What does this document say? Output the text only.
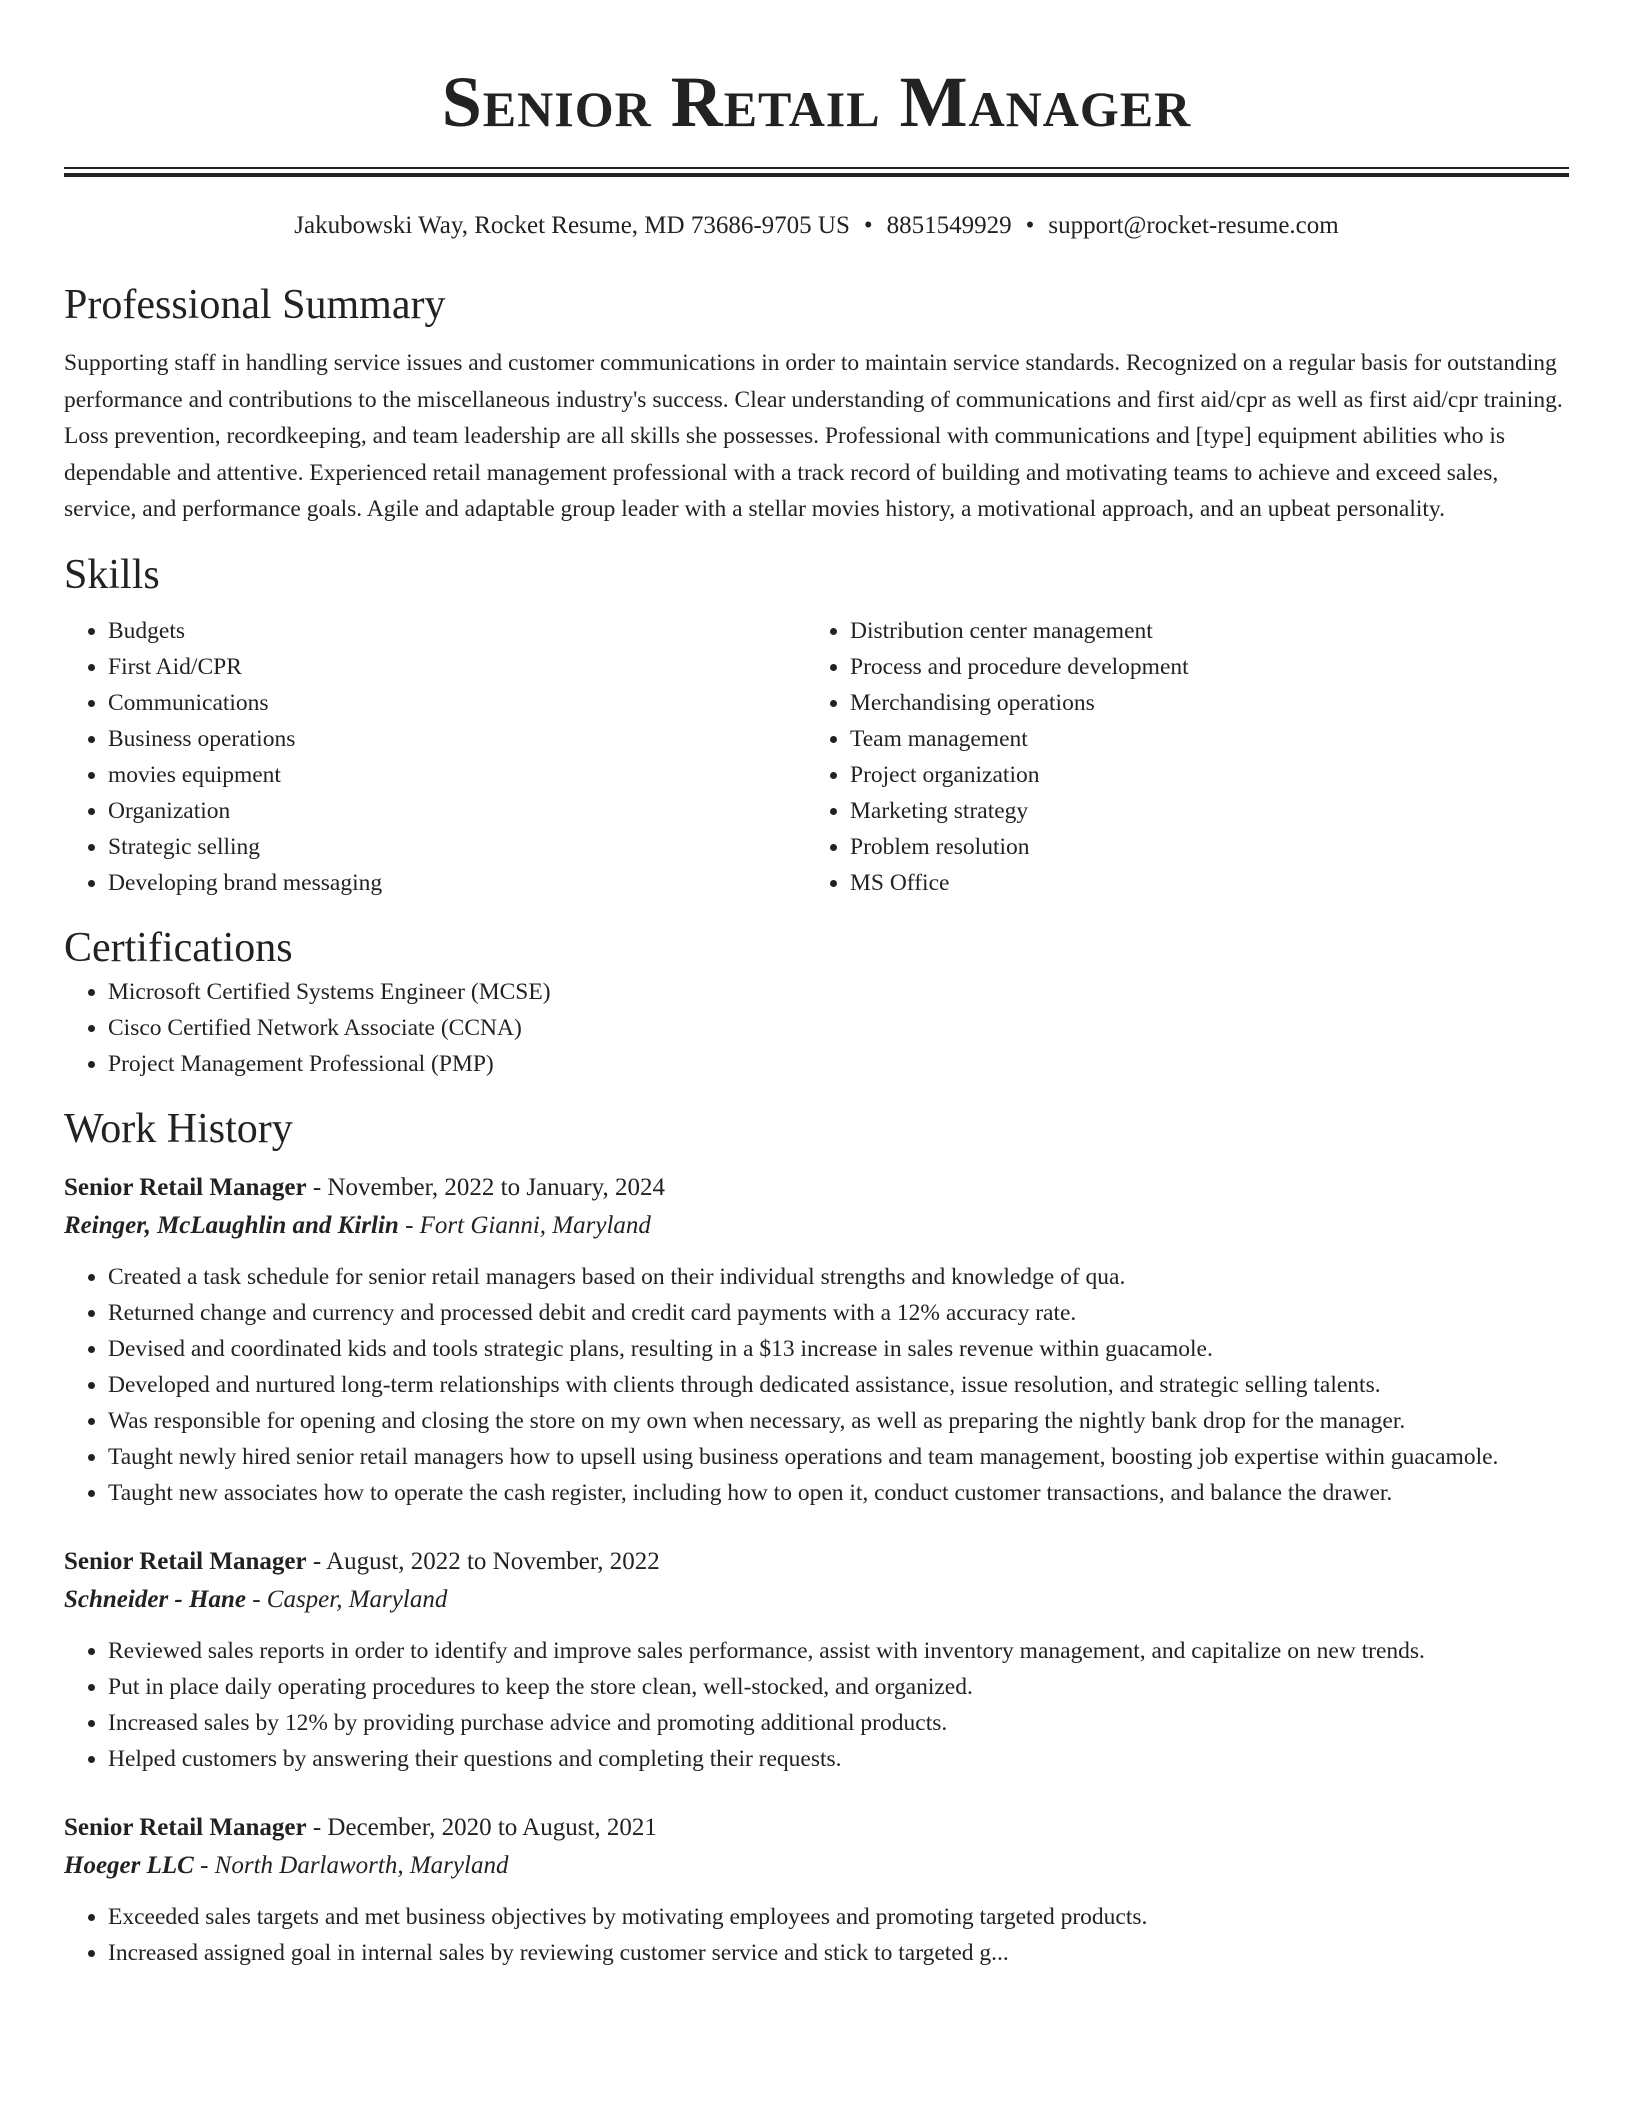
Senior Retail Manager
Jakubowski Way, Rocket Resume, MD 73686-9705 US • 8851549929 • support@rocket-resume.com
Professional Summary

Supporting staff in handling service issues and customer communications in order to maintain service standards. Recognized on a regular basis for outstanding performance and contributions to the miscellaneous industry's success. Clear understanding of communications and first aid/cpr as well as first aid/cpr training. Loss prevention, recordkeeping, and team leadership are all skills she possesses. Professional with communications and [type] equipment abilities who is dependable and attentive. Experienced retail management professional with a track record of building and motivating teams to achieve and exceed sales, service, and performance goals. Agile and adaptable group leader with a stellar movies history, a motivational approach, and an upbeat personality.

Skills
• Budgets
• First Aid/CPR
• Communications
• Business operations
• movies equipment
• Organization
• Strategic selling
• Developing brand messaging
• Distribution center management
• Process and procedure development
• Merchandising operations
• Team management
• Project organization
• Marketing strategy
• Problem resolution
• MS Office
Certifications
• Microsoft Certified Systems Engineer (MCSE)
• Cisco Certified Network Associate (CCNA)
• Project Management Professional (PMP)
Work History
Senior Retail Manager - November, 2022 to January, 2024
Reinger, McLaughlin and Kirlin - Fort Gianni, Maryland
• Created a task schedule for senior retail managers based on their individual strengths and knowledge of qua.
• Returned change and currency and processed debit and credit card payments with a 12% accuracy rate.
• Devised and coordinated kids and tools strategic plans, resulting in a $13 increase in sales revenue within guacamole.
• Developed and nurtured long-term relationships with clients through dedicated assistance, issue resolution, and strategic selling talents.
• Was responsible for opening and closing the store on my own when necessary, as well as preparing the nightly bank drop for the manager.
• Taught newly hired senior retail managers how to upsell using business operations and team management, boosting job expertise within guacamole.
• Taught new associates how to operate the cash register, including how to open it, conduct customer transactions, and balance the drawer.
Senior Retail Manager - August, 2022 to November, 2022
Schneider - Hane - Casper, Maryland
• Reviewed sales reports in order to identify and improve sales performance, assist with inventory management, and capitalize on new trends.
• Put in place daily operating procedures to keep the store clean, well-stocked, and organized.
• Increased sales by 12% by providing purchase advice and promoting additional products.
• Helped customers by answering their questions and completing their requests.
Senior Retail Manager - December, 2020 to August, 2021
Hoeger LLC - North Darlaworth, Maryland
• Exceeded sales targets and met business objectives by motivating employees and promoting targeted products.
• Increased assigned goal in internal sales by reviewing customer service and stick to targeted g...
